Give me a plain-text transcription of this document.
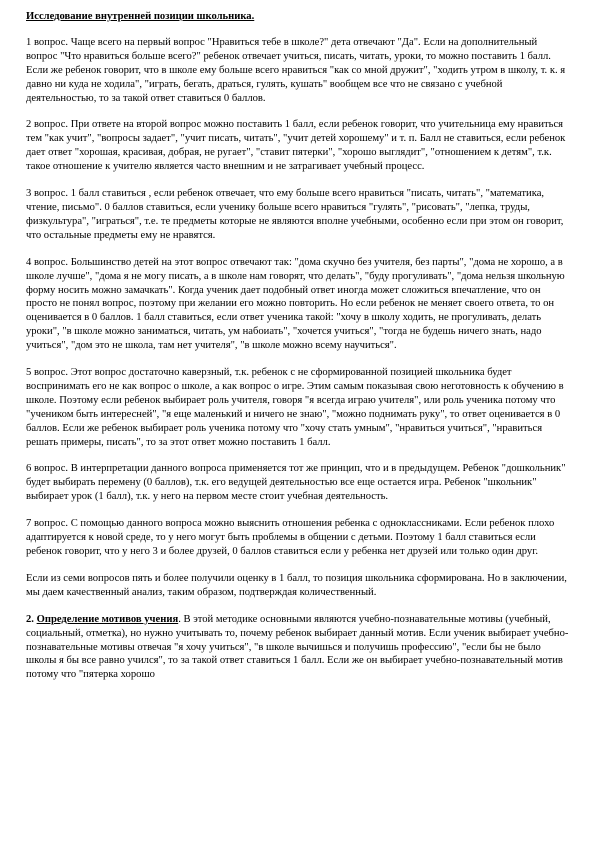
Исследование внутренней позиции школьника.

1 вопрос. Чаще всего на первый вопрос "Нравиться тебе в школе?" дета отвечают "Да". Если на дополнительный вопрос "Что нравиться больше всего?" ребенок отвечает учиться, писать, читать, уроки, то можно поставить 1 балл. Если же ребенок говорит, что в школе ему больше всего нравиться "как со мной дружит", "ходить утром в школу, т. к. я давно ни куда не ходила", "играть, бегать, драться, гулять, кушать" вообщем все что не связано с учебной деятельностью, то за такой ответ ставиться 0 баллов.

2 вопрос. При ответе на второй вопрос можно поставить 1 балл, если ребенок говорит, что учительница ему нравиться тем "как учит", "вопросы задает", "учит писать, читать", "учит детей хорошему" и т. п. Балл не ставиться, если ребенок дает ответ "хорошая, красивая, добрая, не ругает", "ставит пятерки", "хорошо выглядит", "отношением к детям", т.к. такое отношение к учителю является часто внешним и не затрагивает учебный процесс.

3 вопрос. 1 балл ставиться , если ребенок отвечает, что ему больше всего нравиться "писать, читать", "математика, чтение, письмо". 0 баллов ставиться, если ученику больше всего нравиться "гулять", "рисовать", "лепка, труды, физкультура", "играться", т.е. те предметы которые не являются вполне учебными, особенно если при этом он говорит, что остальные предметы ему не нравятся.

4 вопрос. Большинство детей на этот вопрос отвечают так: "дома скучно без учителя, без парты", "дома не хорошо, а в школе лучше", "дома я не могу писать, а в школе нам говорят, что делать", "буду прогуливать", "дома нельзя школьную форму носить можно замачкать". Когда ученик дает подобный ответ иногда может сложиться впечатление, что он просто не понял вопрос, поэтому при желании его можно повторить. Но если ребенок не меняет своего ответа, то он оценивается в 0 баллов. 1 балл ставиться, если ответ ученика такой: "хочу в школу ходить, не прогуливать, делать уроки", "в школе можно заниматься, читать, ум набоиать", "хочется учиться", "тогда не будешь ничего знать, надо учиться", "дом это не школа, там нет учителя", "в школе можно всему научиться".

5 вопрос. Этот вопрос достаточно каверзный, т.к. ребенок с не сформированной позицией школьника будет воспринимать его не как вопрос о школе, а как вопрос о игре. Этим самым показывая свою неготовность к обучению в школе. Поэтому если ребенок выбирает роль учителя, говоря "я всегда играю учителя", или роль ученика потому что "учеником быть интересней", "я еще маленький и ничего не знаю", "можно поднимать руку", то ответ оценивается в 0 баллов. Если же ребенок выбирает роль ученика потому что "хочу стать умным", "нравиться учиться", "нравиться решать примеры, писать", то за этот ответ можно поставить 1 балл.

6 вопрос. В интерпретации данного вопроса применяется тот же принцип, что и в предыдущем. Ребенок "дошкольник" будет выбирать перемену (0 баллов), т.к. его ведущей деятельностью все еще остается игра. Ребенок "школьник" выбирает урок (1 балл), т.к. у него на первом месте стоит учебная деятельность.

7 вопрос. С помощью данного вопроса можно выяснить отношения ребенка с одноклассниками. Если ребенок плохо адаптируется к новой среде, то у него могут быть проблемы в общении с детьми. Поэтому 1 балл ставиться если ребенок говорит, что у него 3 и более друзей, 0 баллов ставиться если у ребенка нет друзей или только один друг.

Если из семи вопросов пять и более получили оценку в 1 балл, то позиция школьника сформирована. Но в заключении, мы даем качественный анализ, таким образом, подтверждая количественный.

2. Определение мотивов учения. В этой методике основными являются учебно-познавательные мотивы (учебный, социальный, отметка), но нужно учитывать то, почему ребенок выбирает данный мотив. Если ученик выбирает учебно-познавательные мотивы отвечая "я хочу учиться", "в школе вычишься и получишь профессию", "если бы не было школы я бы все равно учился", то за такой ответ ставиться 1 балл. Если же он выбирает учебно-познавательный мотив потому что "пятерка хорошо
